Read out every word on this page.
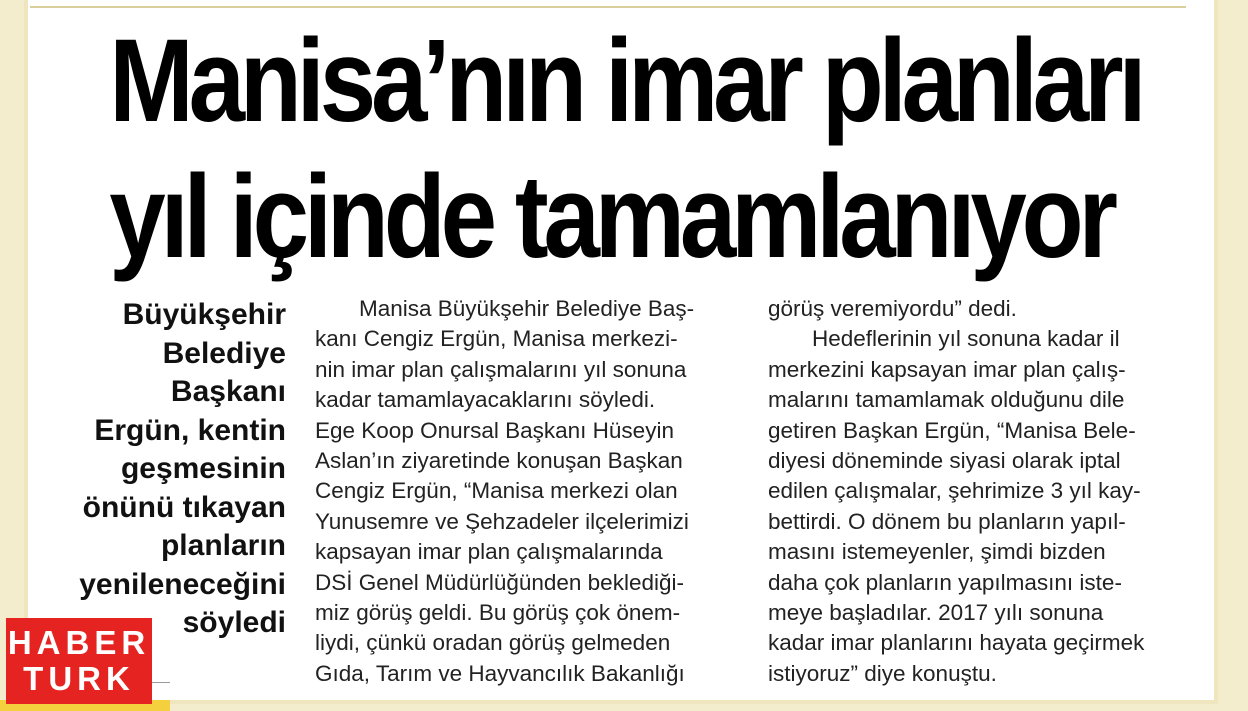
Manisa’nın imar planları
yıl içinde tamamlanıyor
Büyükşehir
Belediye
Başkanı
Ergün, kentin
geşmesinin
önünü tıkayan
planların
yenileneceğini
söyledi
Manisa Büyükşehir Belediye Baş-
kanı Cengiz Ergün, Manisa merkezi-
nin imar plan çalışmalarını yıl sonuna
kadar tamamlayacaklarını söyledi.
Ege Koop Onursal Başkanı Hüseyin
Aslan’ın ziyaretinde konuşan Başkan
Cengiz Ergün, “Manisa merkezi olan
Yunusemre ve Şehzadeler ilçelerimizi
kapsayan imar plan çalışmalarında
DSİ Genel Müdürlüğünden beklediği-
miz görüş geldi. Bu görüş çok önem-
liydi, çünkü oradan görüş gelmeden
Gıda, Tarım ve Hayvancılık Bakanlığı
görüş veremiyordu” dedi.
Hedeflerinin yıl sonuna kadar il
merkezini kapsayan imar plan çalış-
malarını tamamlamak olduğunu dile
getiren Başkan Ergün, “Manisa Bele-
diyesi döneminde siyasi olarak iptal
edilen çalışmalar, şehrimize 3 yıl kay-
bettirdi. O dönem bu planların yapıl-
masını istemeyenler, şimdi bizden
daha çok planların yapılmasını iste-
meye başladılar. 2017 yılı sonuna
kadar imar planlarını hayata geçirmek
istiyoruz” diye konuştu.
HABER
TURK
